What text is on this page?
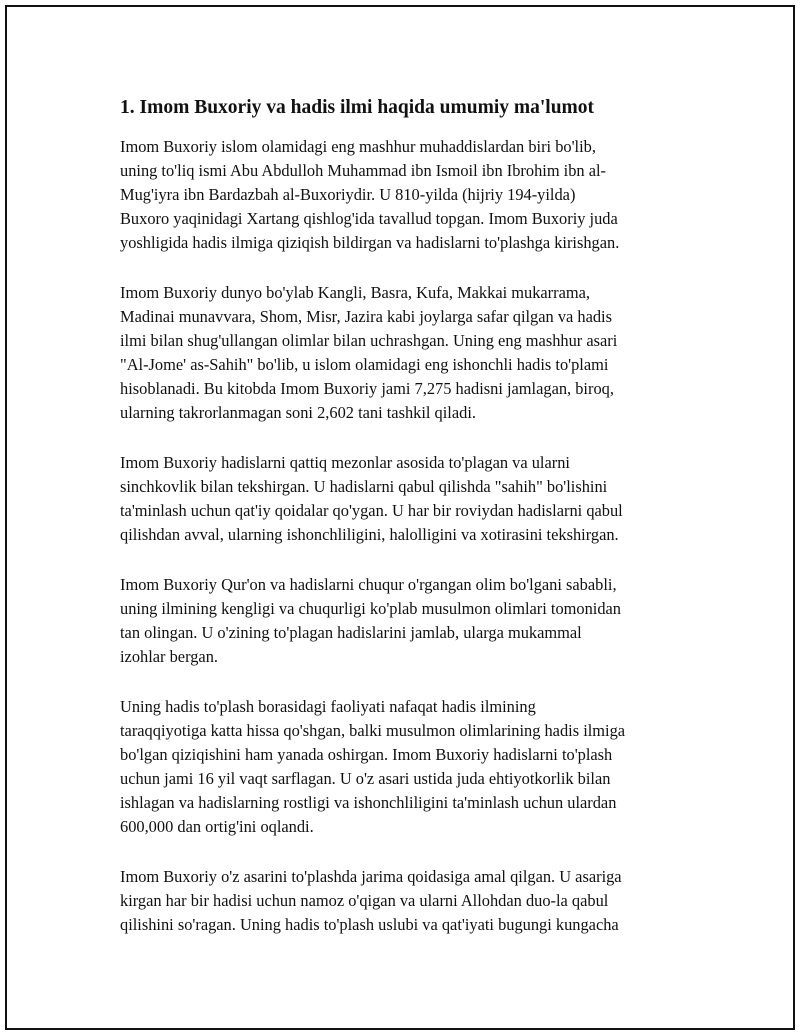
1. Imom Buxoriy va hadis ilmi haqida umumiy ma'lumot

Imom Buxoriy islom olamidagi eng mashhur muhaddislardan biri bo'lib,
uning to'liq ismi Abu Abdulloh Muhammad ibn Ismoil ibn Ibrohim ibn al-
Mug'iyra ibn Bardazbah al-Buxoriydir. U 810-yilda (hijriy 194-yilda)
Buxoro yaqinidagi Xartang qishlog'ida tavallud topgan. Imom Buxoriy juda
yoshligida hadis ilmiga qiziqish bildirgan va hadislarni to'plashga kirishgan.

Imom Buxoriy dunyo bo'ylab Kangli, Basra, Kufa, Makkai mukarrama,
Madinai munavvara, Shom, Misr, Jazira kabi joylarga safar qilgan va hadis
ilmi bilan shug'ullangan olimlar bilan uchrashgan. Uning eng mashhur asari
"Al-Jome' as-Sahih" bo'lib, u islom olamidagi eng ishonchli hadis to'plami
hisoblanadi. Bu kitobda Imom Buxoriy jami 7,275 hadisni jamlagan, biroq,
ularning takrorlanmagan soni 2,602 tani tashkil qiladi.

Imom Buxoriy hadislarni qattiq mezonlar asosida to'plagan va ularni
sinchkovlik bilan tekshirgan. U hadislarni qabul qilishda "sahih" bo'lishini
ta'minlash uchun qat'iy qoidalar qo'ygan. U har bir roviydan hadislarni qabul
qilishdan avval, ularning ishonchliligini, halolligini va xotirasini tekshirgan.

Imom Buxoriy Qur'on va hadislarni chuqur o'rgangan olim bo'lgani sababli,
uning ilmining kengligi va chuqurligi ko'plab musulmon olimlari tomonidan
tan olingan. U o'zining to'plagan hadislarini jamlab, ularga mukammal
izohlar bergan.

Uning hadis to'plash borasidagi faoliyati nafaqat hadis ilmining
taraqqiyotiga katta hissa qo'shgan, balki musulmon olimlarining hadis ilmiga
bo'lgan qiziqishini ham yanada oshirgan. Imom Buxoriy hadislarni to'plash
uchun jami 16 yil vaqt sarflagan. U o'z asari ustida juda ehtiyotkorlik bilan
ishlagan va hadislarning rostligi va ishonchliligini ta'minlash uchun ulardan
600,000 dan ortig'ini oqlandi.

Imom Buxoriy o'z asarini to'plashda jarima qoidasiga amal qilgan. U asariga
kirgan har bir hadisi uchun namoz o'qigan va ularni Allohdan duo-la qabul
qilishini so'ragan. Uning hadis to'plash uslubi va qat'iyati bugungi kungacha
